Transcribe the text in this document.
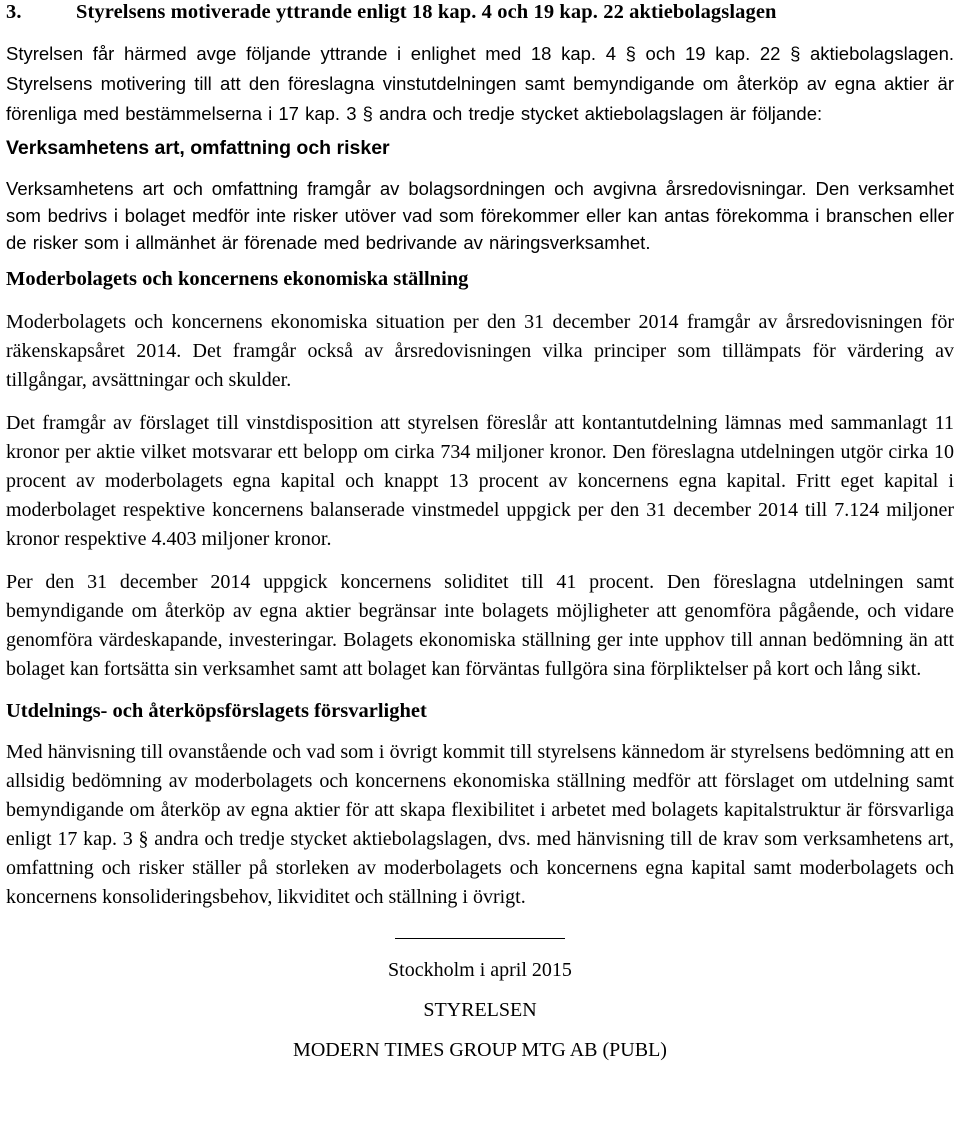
3.	Styrelsens motiverade yttrande enligt 18 kap. 4 och 19 kap. 22 aktiebolagslagen

Styrelsen får härmed avge följande yttrande i enlighet med 18 kap. 4 § och 19 kap. 22 § aktiebolagslagen. Styrelsens motivering till att den föreslagna vinstutdelningen samt bemyndigande om återköp av egna aktier är förenliga med bestämmelserna i 17 kap. 3 § andra och tredje stycket aktiebolagslagen är följande:

Verksamhetens art, omfattning och risker

Verksamhetens art och omfattning framgår av bolagsordningen och avgivna årsredovisningar. Den verksamhet som bedrivs i bolaget medför inte risker utöver vad som förekommer eller kan antas förekomma i branschen eller de risker som i allmänhet är förenade med bedrivande av näringsverksamhet.

Moderbolagets och koncernens ekonomiska ställning

Moderbolagets och koncernens ekonomiska situation per den 31 december 2014 framgår av årsredovisningen för räkenskapsåret 2014. Det framgår också av årsredovisningen vilka principer som tillämpats för värdering av tillgångar, avsättningar och skulder.

Det framgår av förslaget till vinstdisposition att styrelsen föreslår att kontantutdelning lämnas med sammanlagt 11 kronor per aktie vilket motsvarar ett belopp om cirka 734 miljoner kronor. Den föreslagna utdelningen utgör cirka 10 procent av moderbolagets egna kapital och knappt 13 procent av koncernens egna kapital. Fritt eget kapital i moderbolaget respektive koncernens balanserade vinstmedel uppgick per den 31 december 2014 till 7.124 miljoner kronor respektive 4.403 miljoner kronor.

Per den 31 december 2014 uppgick koncernens soliditet till 41 procent. Den föreslagna utdelningen samt bemyndigande om återköp av egna aktier begränsar inte bolagets möjligheter att genomföra pågående, och vidare genomföra värdeskapande, investeringar. Bolagets ekonomiska ställning ger inte upphov till annan bedömning än att bolaget kan fortsätta sin verksamhet samt att bolaget kan förväntas fullgöra sina förpliktelser på kort och lång sikt.

Utdelnings- och återköpsförslagets försvarlighet

Med hänvisning till ovanstående och vad som i övrigt kommit till styrelsens kännedom är styrelsens bedömning att en allsidig bedömning av moderbolagets och koncernens ekonomiska ställning medför att förslaget om utdelning samt bemyndigande om återköp av egna aktier för att skapa flexibilitet i arbetet med bolagets kapitalstruktur är försvarliga enligt 17 kap. 3 § andra och tredje stycket aktiebolagslagen, dvs. med hänvisning till de krav som verksamhetens art, omfattning och risker ställer på storleken av moderbolagets och koncernens egna kapital samt moderbolagets och koncernens konsolideringsbehov, likviditet och ställning i övrigt.

Stockholm i april 2015
STYRELSEN
MODERN TIMES GROUP MTG AB (PUBL)
